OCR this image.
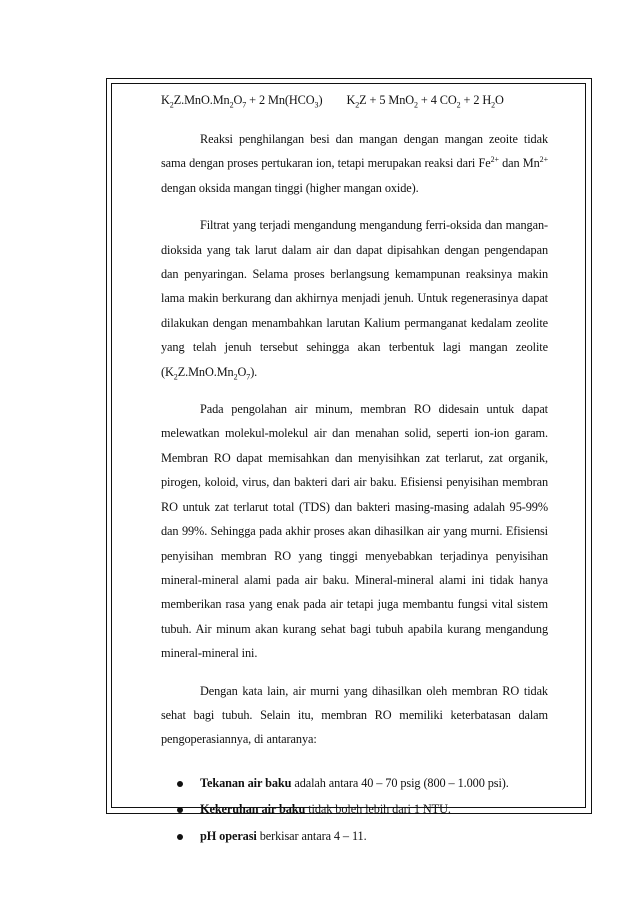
$K_2Z.MnO.Mn_2O_7 + 2$ $Mn(HCO_3) K_2Z + 5$ MnO$_2$ + 4 $CO_2 + 2$ $H_2O$

Reaksi penghilangan besi dan mangan dengan mangan zeoite tidak sama dengan proses pertukaran ion, tetapi merupakan reaksi dari $Fe^{2+}$ dan $Mn^{2+}$ dengan oksida mangan tinggi (higher mangan oxide).

Filtrat yang terjadi mengandung mengandung ferri-oksida dan mangan-dioksida yang tak larut dalam air dan dapat dipisahkan dengan pengendapan dan penyaringan. Selama proses berlangsung kemampunan reaksinya makin lama makin berkurang dan akhirnya menjadi jenuh. Untuk regenerasinya dapat dilakukan dengan menambahkan larutan Kalium permanganat kedalam zeolite yang telah jenuh tersebut sehingga akan terbentuk lagi mangan zeolite $(K_2Z.MnO.Mn_2O_7)$.

Pada pengolahan air minum, membran RO didesain untuk dapat melewatkan molekul-molekul air dan menahan solid, seperti ion-ion garam. Membran RO dapat memisahkan dan menyisihkan zat terlarut, zat organik, pirogen, koloid, virus, dan bakteri dari air baku. Efisiensi penyisihan membran RO untuk zat terlarut total (TDS) dan bakteri masing-masing adalah 95-99% dan 99%. Sehingga pada akhir proses akan dihasilkan air yang murni. Efisiensi penyisihan membran RO yang tinggi menyebabkan terjadinya penyisihan mineral-mineral alami pada air baku. Mineral-mineral alami ini tidak hanya memberikan rasa yang enak pada air tetapi juga membantu fungsi vital sistem tubuh. Air minum akan kurang sehat bagi tubuh apabila kurang mengandung mineral-mineral ini.

Dengan kata lain, air murni yang dihasilkan oleh membran RO tidak sehat bagi tubuh. Selain itu, membran RO memiliki keterbatasan dalam pengoperasiannya, di antaranya:

Tekanan air baku adalah antara 40 – 70 psig (800 – 1.000 psi).
Kekeruhan air baku tidak boleh lebih dari 1 NTU.
pH operasi berkisar antara 4 – 11.
